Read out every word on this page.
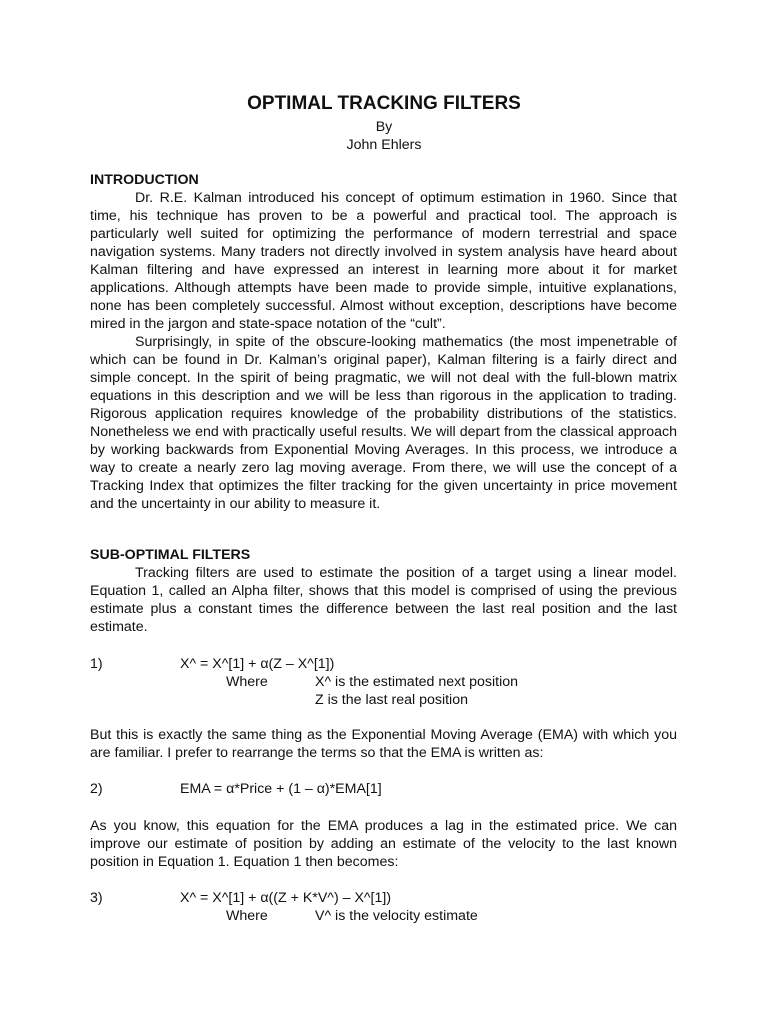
OPTIMAL TRACKING FILTERS
By
John Ehlers
INTRODUCTION

Dr. R.E. Kalman introduced his concept of optimum estimation in 1960. Since that time, his technique has proven to be a powerful and practical tool. The approach is particularly well suited for optimizing the performance of modern terrestrial and space navigation systems. Many traders not directly involved in system analysis have heard about Kalman filtering and have expressed an interest in learning more about it for market applications. Although attempts have been made to provide simple, intuitive explanations, none has been completely successful. Almost without exception, descriptions have become mired in the jargon and state-space notation of the “cult”.

Surprisingly, in spite of the obscure-looking mathematics (the most impenetrable of which can be found in Dr. Kalman’s original paper), Kalman filtering is a fairly direct and simple concept. In the spirit of being pragmatic, we will not deal with the full-blown matrix equations in this description and we will be less than rigorous in the application to trading. Rigorous application requires knowledge of the probability distributions of the statistics. Nonetheless we end with practically useful results. We will depart from the classical approach by working backwards from Exponential Moving Averages. In this process, we introduce a way to create a nearly zero lag moving average. From there, we will use the concept of a Tracking Index that optimizes the filter tracking for the given uncertainty in price movement and the uncertainty in our ability to measure it.

SUB-OPTIMAL FILTERS

Tracking filters are used to estimate the position of a target using a linear model. Equation 1, called an Alpha filter, shows that this model is comprised of using the previous estimate plus a constant times the difference between the last real position and the last estimate.

1)	X^ = X^[1] + α(Z – X^[1])
Where	X^ is the estimated next position
Z is the last real position

But this is exactly the same thing as the Exponential Moving Average (EMA) with which you are familiar. I prefer to rearrange the terms so that the EMA is written as:

2)	EMA = α*Price + (1 – α)*EMA[1]

As you know, this equation for the EMA produces a lag in the estimated price. We can improve our estimate of position by adding an estimate of the velocity to the last known position in Equation 1. Equation 1 then becomes:

3)	X^ = X^[1] + α((Z + K*V^) – X^[1])
Where	V^ is the velocity estimate
